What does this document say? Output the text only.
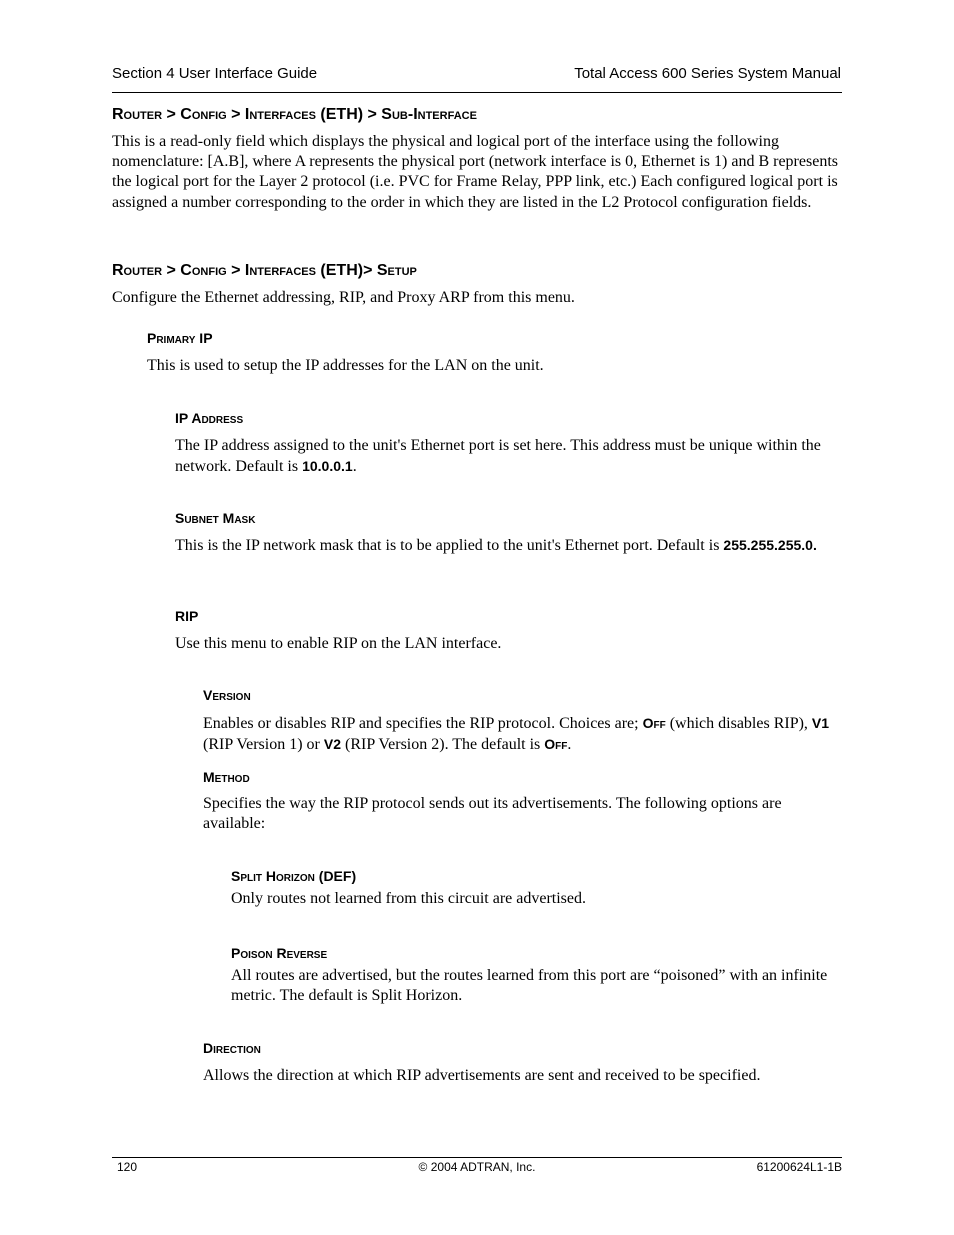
Section 4 User Interface Guide	Total Access 600 Series System Manual
Router > Config > Interfaces (ETH) > Sub-Interface
This is a read-only field which displays the physical and logical port of the interface using the following nomenclature: [A.B], where A represents the physical port (network interface is 0, Ethernet is 1) and B represents the logical port for the Layer 2 protocol (i.e. PVC for Frame Relay, PPP link, etc.) Each configured logical port is assigned a number corresponding to the order in which they are listed in the L2 Protocol configuration fields.
Router > Config > Interfaces (ETH)> Setup
Configure the Ethernet addressing, RIP, and Proxy ARP from this menu.
Primary IP
This is used to setup the IP addresses for the LAN on the unit.
IP Address
The IP address assigned to the unit's Ethernet port is set here. This address must be unique within the network. Default is 10.0.0.1.
Subnet Mask
This is the IP network mask that is to be applied to the unit's Ethernet port. Default is 255.255.255.0.
RIP
Use this menu to enable RIP on the LAN interface.
Version
Enables or disables RIP and specifies the RIP protocol. Choices are; Off (which disables RIP), V1 (RIP Version 1) or V2 (RIP Version 2). The default is Off.
Method
Specifies the way the RIP protocol sends out its advertisements. The following options are available:
Split Horizon (DEF)
Only routes not learned from this circuit are advertised.
Poison Reverse
All routes are advertised, but the routes learned from this port are “poisoned” with an infinite metric. The default is Split Horizon.
Direction
Allows the direction at which RIP advertisements are sent and received to be specified.
120	© 2004 ADTRAN, Inc.	61200624L1-1B
